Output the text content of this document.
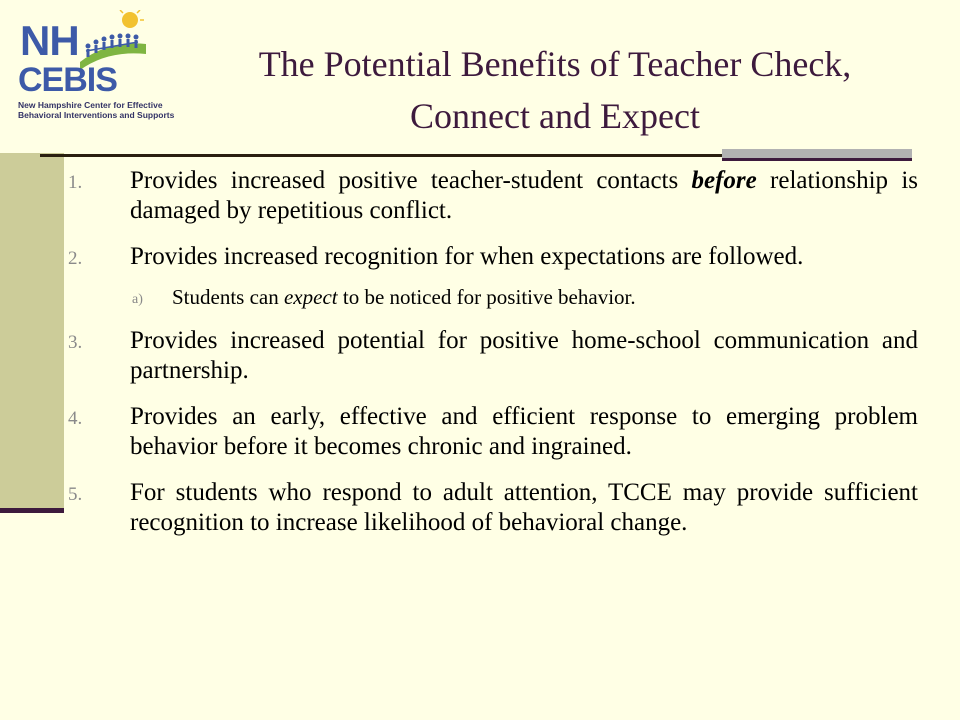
NH
CEBIS
New Hampshire Center for Effective
Behavioral Interventions and Supports
The Potential Benefits of Teacher Check,
Connect and Expect
1. Provides increased positive teacher-student contacts before relationship is damaged by repetitious conflict.
2. Provides increased recognition for when expectations are followed.
a) Students can expect to be noticed for positive behavior.
3. Provides increased potential for positive home-school communication and partnership.
4. Provides an early, effective and efficient response to emerging problem behavior before it becomes chronic and ingrained.
5. For students who respond to adult attention, TCCE may provide sufficient recognition to increase likelihood of behavioral change.
